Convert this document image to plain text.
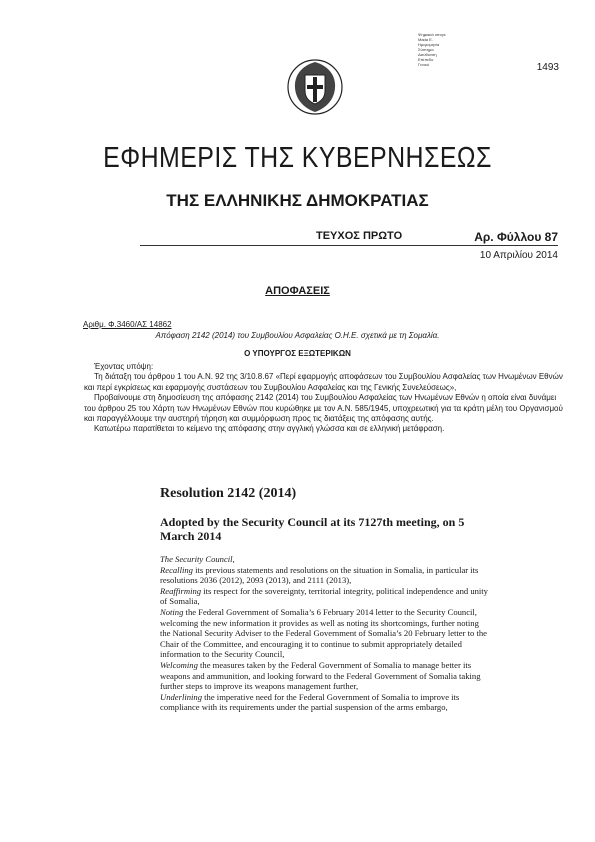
Ψηφιακά υπογε
Mada Ε.
Ημερομηνία
Σύστημα
Διεύθυνση
Επίπεδο
Γενικό	1493
ΕΦΗΜΕΡΙΣ ΤΗΣ ΚΥΒΕΡΝΗΣΕΩΣ
ΤΗΣ ΕΛΛΗΝΙΚΗΣ ΔΗΜΟΚΡΑΤΙΑΣ
ΤΕΥΧΟΣ ΠΡΩΤΟ	Αρ. Φύλλου 87
10 Απριλίου 2014
ΑΠΟΦΑΣΕΙΣ
Αριθμ. Φ.3460/ΑΣ 14862
Απόφαση 2142 (2014) του Συμβουλίου Ασφαλείας Ο.Η.Ε. σχετικά με τη Σομαλία.
Ο ΥΠΟΥΡΓΟΣ ΕΞΩΤΕΡΙΚΩΝ

Έχοντας υπόψη:

Τη διάταξη του άρθρου 1 του Α.Ν. 92 της 3/10.8.67 «Περί εφαρμογής αποφάσεων του Συμβουλίου Ασφαλείας των Ηνωμένων Εθνών και περί εγκρίσεως και εφαρμογής συστάσεων του Συμβουλίου Ασφαλείας και της Γενικής Συνελεύσεως»,

Προβαίνουμε στη δημοσίευση της απόφασης 2142 (2014) του Συμβουλίου Ασφαλείας των Ηνωμένων Εθνών η οποία είναι δυνάμει του άρθρου 25 του Χάρτη των Ηνωμένων Εθνών που κυρώθηκε με τον Α.Ν. 585/1945, υποχρεωτική για τα κράτη μέλη του Οργανισμού και παραγγέλλουμε την αυστηρή τήρηση και συμμόρφωση προς τις διατάξεις της απόφασης αυτής.

Κατωτέρω παρατίθεται το κείμενο της απόφασης στην αγγλική γλώσσα και σε ελληνική μετάφραση.

Resolution 2142 (2014)
Adopted by the Security Council at its 7127th meeting, on 5 March 2014

The Security Council,

Recalling its previous statements and resolutions on the situation in Somalia, in particular its resolutions 2036 (2012), 2093 (2013), and 2111 (2013),

Reaffirming its respect for the sovereignty, territorial integrity, political independence and unity of Somalia,

Noting the Federal Government of Somalia’s 6 February 2014 letter to the Security Council, welcoming the new information it provides as well as noting its shortcomings, further noting the National Security Adviser to the Federal Government of Somalia’s 20 February letter to the Chair of the Committee, and encouraging it to continue to submit appropriately detailed information to the Security Council,

Welcoming the measures taken by the Federal Government of Somalia to manage better its weapons and ammunition, and looking forward to the Federal Government of Somalia taking further steps to improve its weapons management further,

Underlining the imperative need for the Federal Government of Somalia to improve its compliance with its requirements under the partial suspension of the arms embargo,
